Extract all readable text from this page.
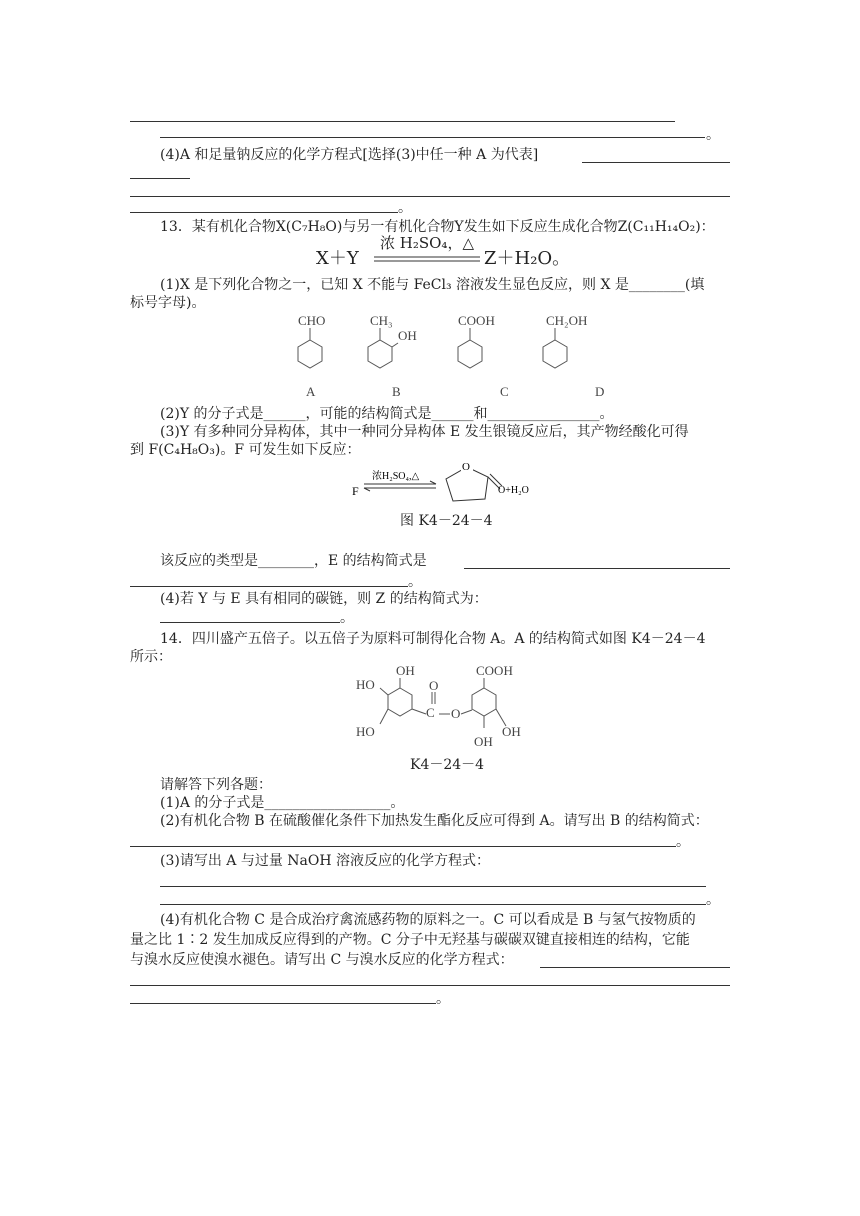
。
(4)A 和足量钠反应的化学方程式[选择(3)中任一种 A 为代表]
。
13．某有机化合物X(C₇H₈O)与另一有机化合物Y发生如下反应生成化合物Z(C₁₁H₁₄O₂)：
X＋Y
浓 H₂SO₄，△
Z＋H₂O。
(1)X 是下列化合物之一，已知 X 不能与 FeCl₃ 溶液发生显色反应，则 X 是________(填
标号字母)。
CHO	CH₃
OH
COOH	CH₂OH
A	B	C	D
(2)Y 的分子式是______，可能的结构简式是______和________________。
(3)Y 有多种同分异构体，其中一种同分异构体 E 发生银镜反应后，其产物经酸化可得
到 F(C₄H₈O₃)。F 可发生如下反应：
F
浓H₂SO₄,△
O
O+H₂O
图 K4－24－4
该反应的类型是________，E 的结构简式是
。
(4)若 Y 与 E 具有相同的碳链，则 Z 的结构简式为：
。
14．四川盛产五倍子。以五倍子为原料可制得化合物 A。A 的结构简式如图 K4－24－4
所示：
OH
HO
HO
C
O
O
COOH
OH
OH
K4－24－4
请解答下列各题：
(1)A 的分子式是__________________。
(2)有机化合物 B 在硫酸催化条件下加热发生酯化反应可得到 A。请写出 B 的结构简式：
。
(3)请写出 A 与过量 NaOH 溶液反应的化学方程式：
。
(4)有机化合物 C 是合成治疗禽流感药物的原料之一。C 可以看成是 B 与氢气按物质的
量之比 1∶2 发生加成反应得到的产物。C 分子中无羟基与碳碳双键直接相连的结构，它能
与溴水反应使溴水褪色。请写出 C 与溴水反应的化学方程式：
。
